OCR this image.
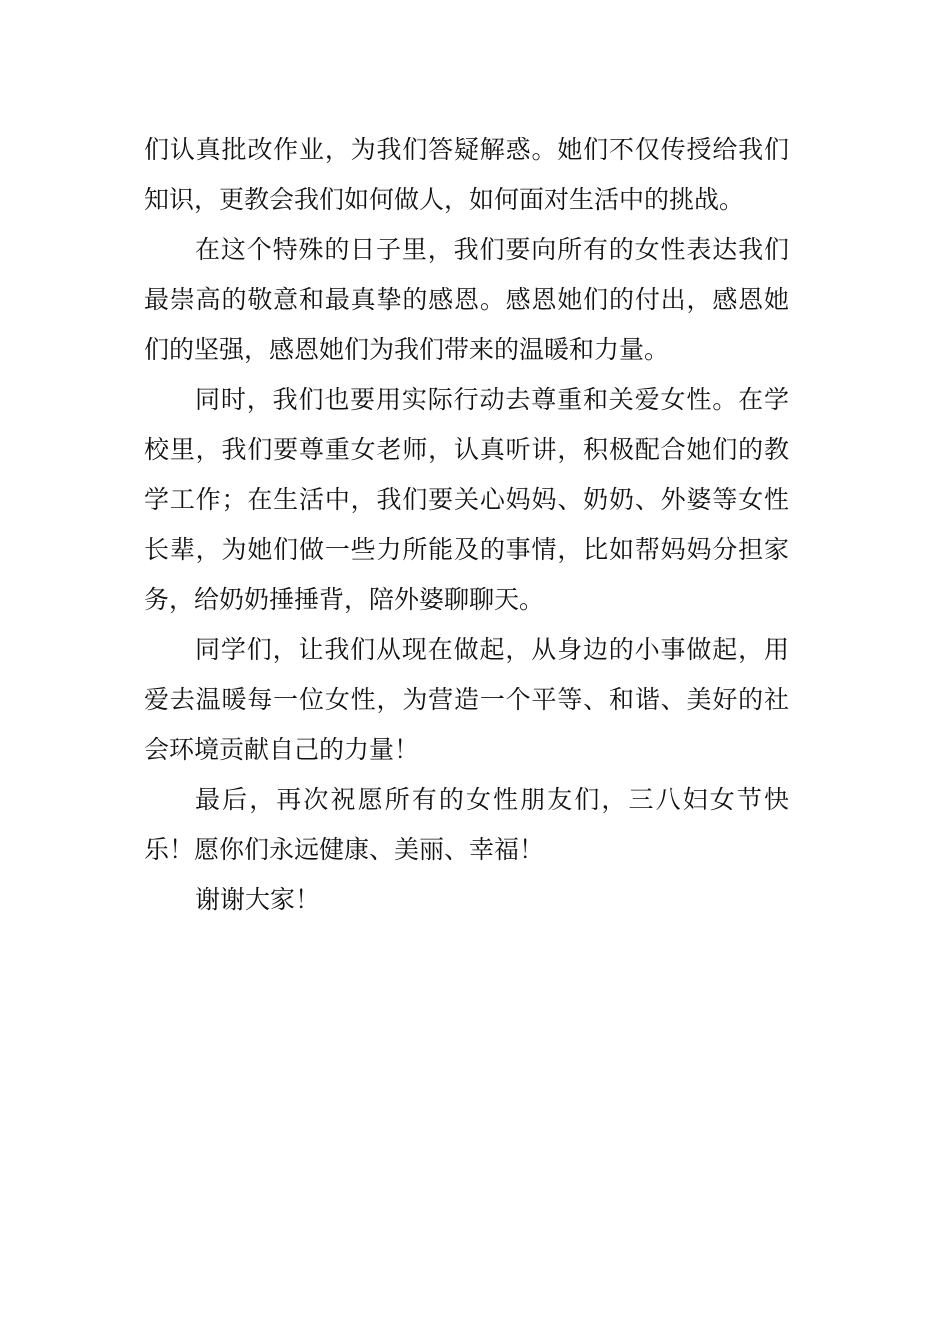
们认真批改作业，为我们答疑解惑。她们不仅传授给我们
知识，更教会我们如何做人，如何面对生活中的挑战。
在这个特殊的日子里，我们要向所有的女性表达我们
最崇高的敬意和最真挚的感恩。感恩她们的付出，感恩她
们的坚强，感恩她们为我们带来的温暖和力量。
同时，我们也要用实际行动去尊重和关爱女性。在学
校里，我们要尊重女老师，认真听讲，积极配合她们的教
学工作；在生活中，我们要关心妈妈、奶奶、外婆等女性
长辈，为她们做一些力所能及的事情，比如帮妈妈分担家
务，给奶奶捶捶背，陪外婆聊聊天。
同学们，让我们从现在做起，从身边的小事做起，用
爱去温暖每一位女性，为营造一个平等、和谐、美好的社
会环境贡献自己的力量！
最后，再次祝愿所有的女性朋友们，三八妇女节快
乐！愿你们永远健康、美丽、幸福！
谢谢大家！
